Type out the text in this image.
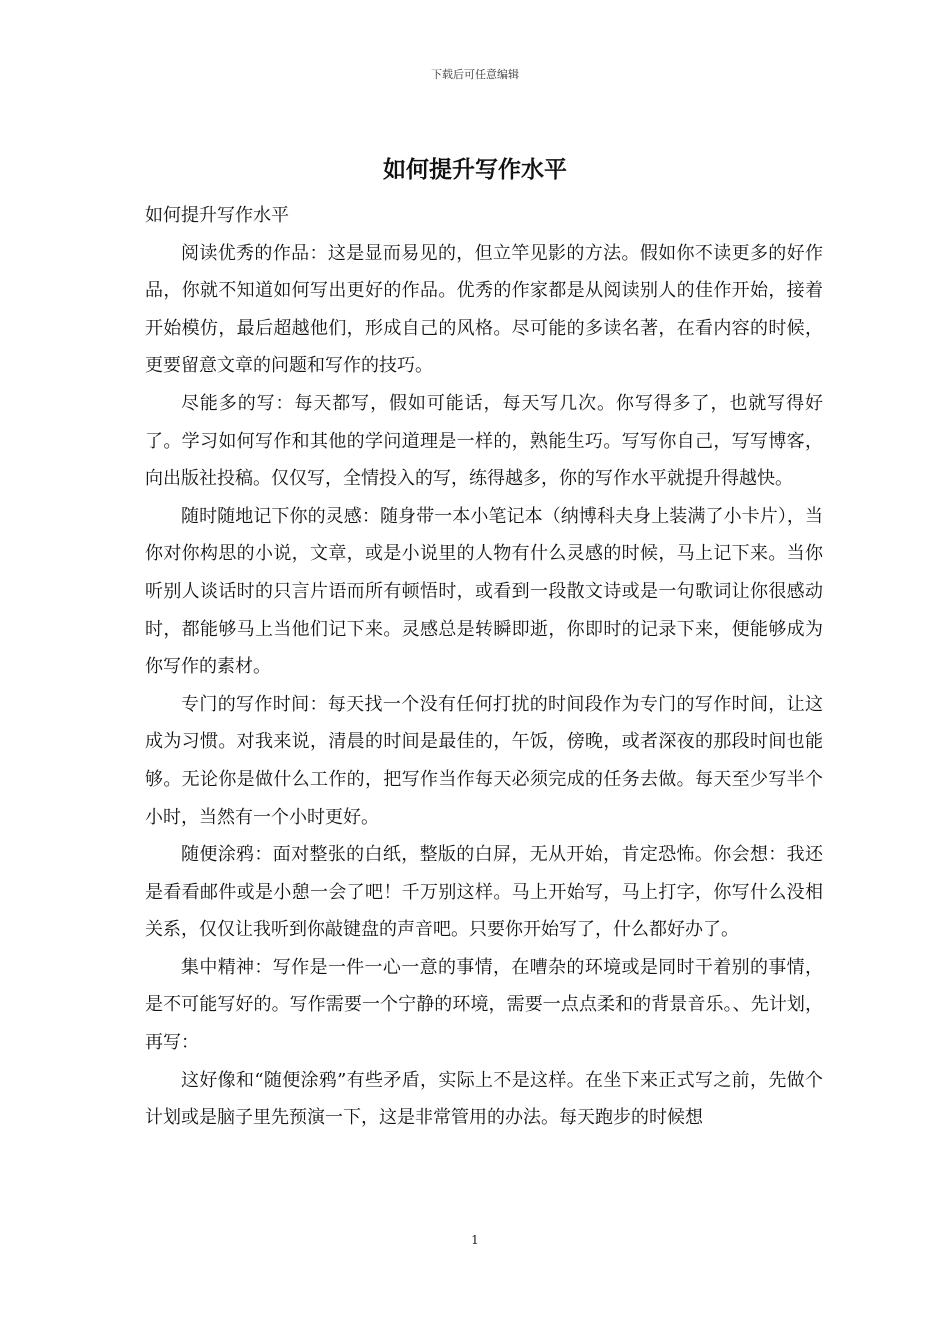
下载后可任意编辑
如何提升写作水平

如何提升写作水平

阅读优秀的作品：这是显而易见的，但立竿见影的方法。假如你不读更多的好作品，你就不知道如何写出更好的作品。优秀的作家都是从阅读别人的佳作开始，接着开始模仿，最后超越他们，形成自己的风格。尽可能的多读名著，在看内容的时候，更要留意文章的问题和写作的技巧。

尽能多的写：每天都写，假如可能话，每天写几次。你写得多了，也就写得好了。学习如何写作和其他的学问道理是一样的，熟能生巧。写写你自己，写写博客，向出版社投稿。仅仅写，全情投入的写，练得越多，你的写作水平就提升得越快。

随时随地记下你的灵感：随身带一本小笔记本（纳博科夫身上装满了小卡片），当你对你构思的小说，文章，或是小说里的人物有什么灵感的时候，马上记下来。当你听别人谈话时的只言片语而所有顿悟时，或看到一段散文诗或是一句歌词让你很感动时，都能够马上当他们记下来。灵感总是转瞬即逝，你即时的记录下来，便能够成为你写作的素材。

专门的写作时间：每天找一个没有任何打扰的时间段作为专门的写作时间，让这成为习惯。对我来说，清晨的时间是最佳的，午饭，傍晚，或者深夜的那段时间也能够。无论你是做什么工作的，把写作当作每天必须完成的任务去做。每天至少写半个小时，当然有一个小时更好。

随便涂鸦：面对整张的白纸，整版的白屏，无从开始，肯定恐怖。你会想：我还是看看邮件或是小憩一会了吧！千万别这样。马上开始写，马上打字，你写什么没相关系，仅仅让我听到你敲键盘的声音吧。只要你开始写了，什么都好办了。

集中精神：写作是一件一心一意的事情，在嘈杂的环境或是同时干着别的事情，是不可能写好的。写作需要一个宁静的环境，需要一点点柔和的背景音乐。、先计划，再写：

这好像和“随便涂鸦”有些矛盾，实际上不是这样。在坐下来正式写之前，先做个计划或是脑子里先预演一下，这是非常管用的办法。每天跑步的时候想

1
